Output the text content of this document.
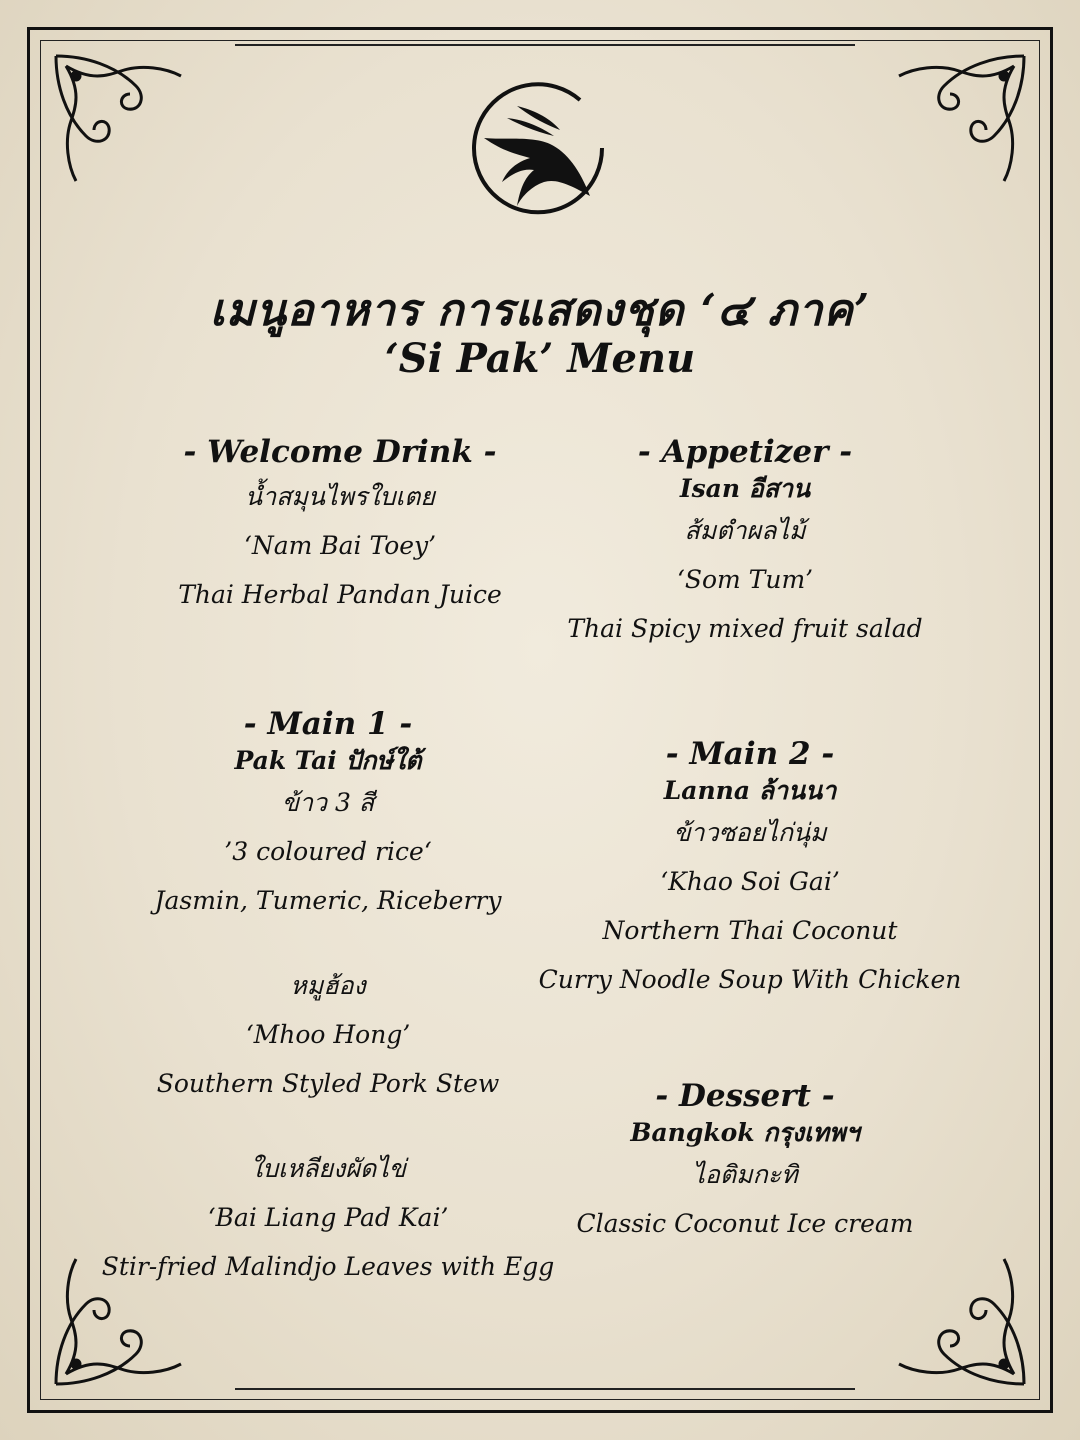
เมนูอาหาร การแสดงชุด ‘๔ ภาค’
‘Si Pak’ Menu

- Welcome Drink -

น้ำสมุนไพรใบเตย

‘Nam Bai Toey’

Thai Herbal Pandan Juice

- Appetizer -

Isan อีสาน

ส้มตำผลไม้

‘Som Tum’

Thai Spicy mixed fruit salad

- Main 1 -

Pak Tai ปักษ์ใต้

ข้าว 3 สี

’3 coloured rice‘

Jasmin, Tumeric, Riceberry

หมูฮ้อง

‘Mhoo Hong’

Southern Styled Pork Stew

ใบเหลียงผัดไข่

‘Bai Liang Pad Kai’

Stir-fried Malindjo Leaves with Egg

- Main 2 -

Lanna ล้านนา

ข้าวซอยไก่นุ่ม

‘Khao Soi Gai’

Northern Thai Coconut

Curry Noodle Soup With Chicken

- Dessert -

Bangkok กรุงเทพฯ

ไอติมกะทิ

Classic Coconut Ice cream
